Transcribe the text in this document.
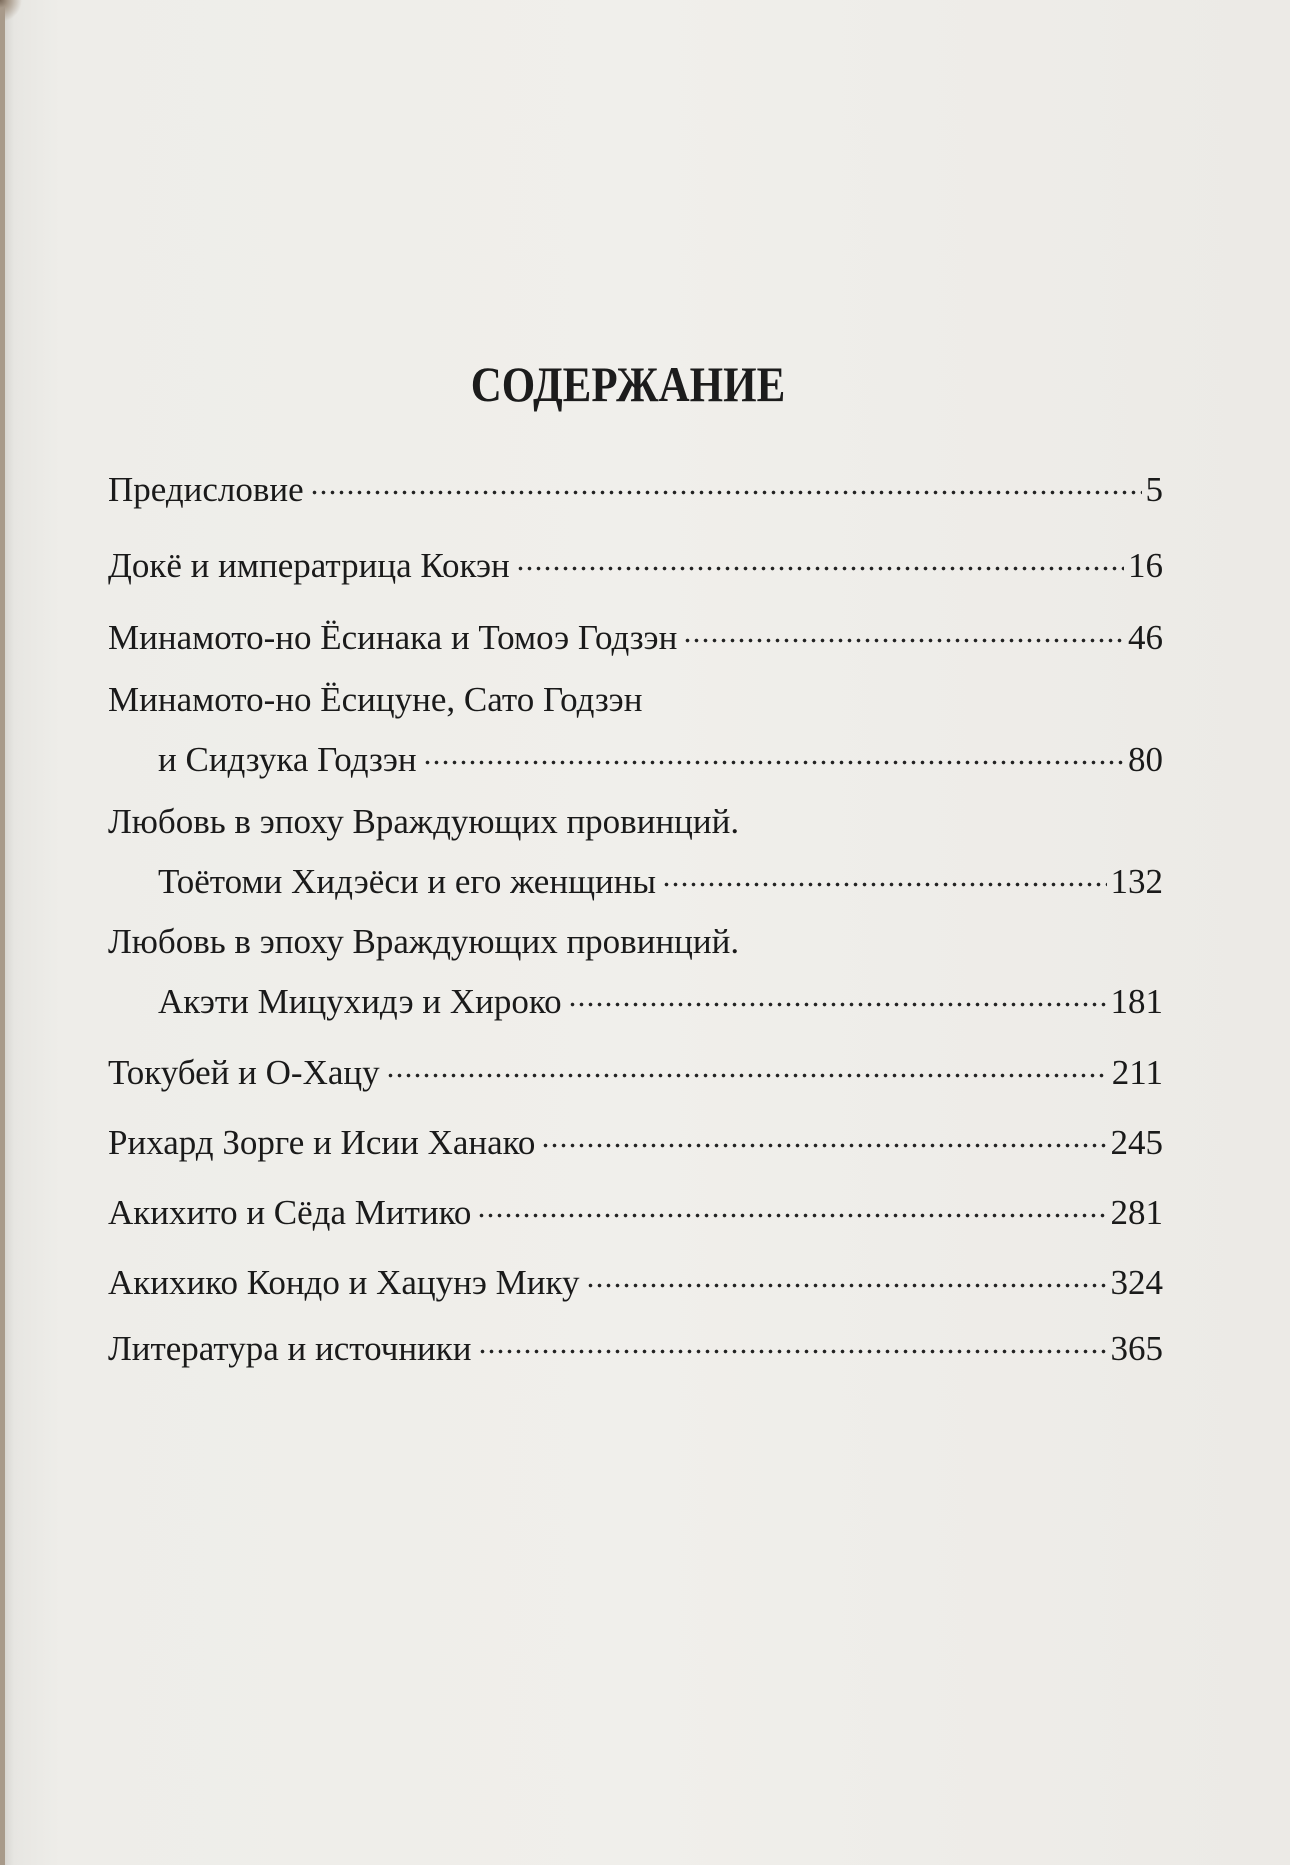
СОДЕРЖАНИЕ
Предисловие	5
Докё и императрица Кокэн	16
Минамото-но Ёсинака и Томоэ Годзэн	46
Минамото-но Ёсицуне, Сато Годзэн
и Сидзука Годзэн	80
Любовь в эпоху Враждующих провинций.
Тоётоми Хидэёси и его женщины	132
Любовь в эпоху Враждующих провинций.
Акэти Мицухидэ и Хироко	181
Токубей и О-Хацу	211
Рихард Зорге и Исии Ханако	245
Акихито и Сёда Митико	281
Акихико Кондо и Хацунэ Мику	324
Литература и источники	365
